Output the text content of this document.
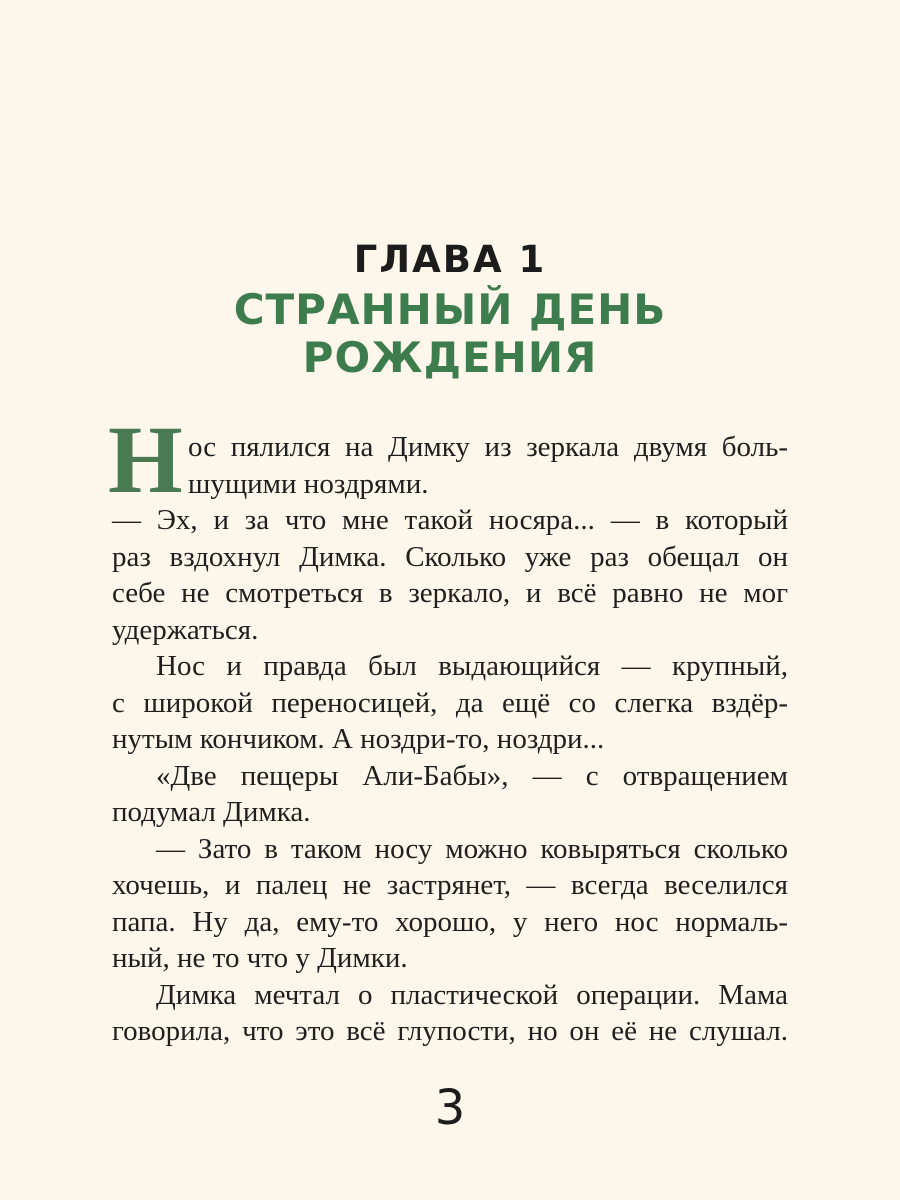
ГЛАВА 1
СТРАННЫЙ ДЕНЬ
РОЖДЕНИЯ
Н ос пялился на Димку из зеркала двумя боль-
шущими ноздрями.
— Эх, и за что мне такой носяра... — в который
раз вздохнул Димка. Сколько уже раз обещал он
себе не смотреться в зеркало, и всё равно не мог
удержаться.
Нос и правда был выдающийся — крупный,
с широкой переносицей, да ещё со слегка вздёр-
нутым кончиком. А ноздри-то, ноздри...
«Две пещеры Али-Бабы», — с отвращением
подумал Димка.
— Зато в таком носу можно ковыряться сколько
хочешь, и палец не застрянет, — всегда веселился
папа. Ну да, ему-то хорошо, у него нос нормаль-
ный, не то что у Димки.
Димка мечтал о пластической операции. Мама
говорила, что это всё глупости, но он её не слушал.
3
